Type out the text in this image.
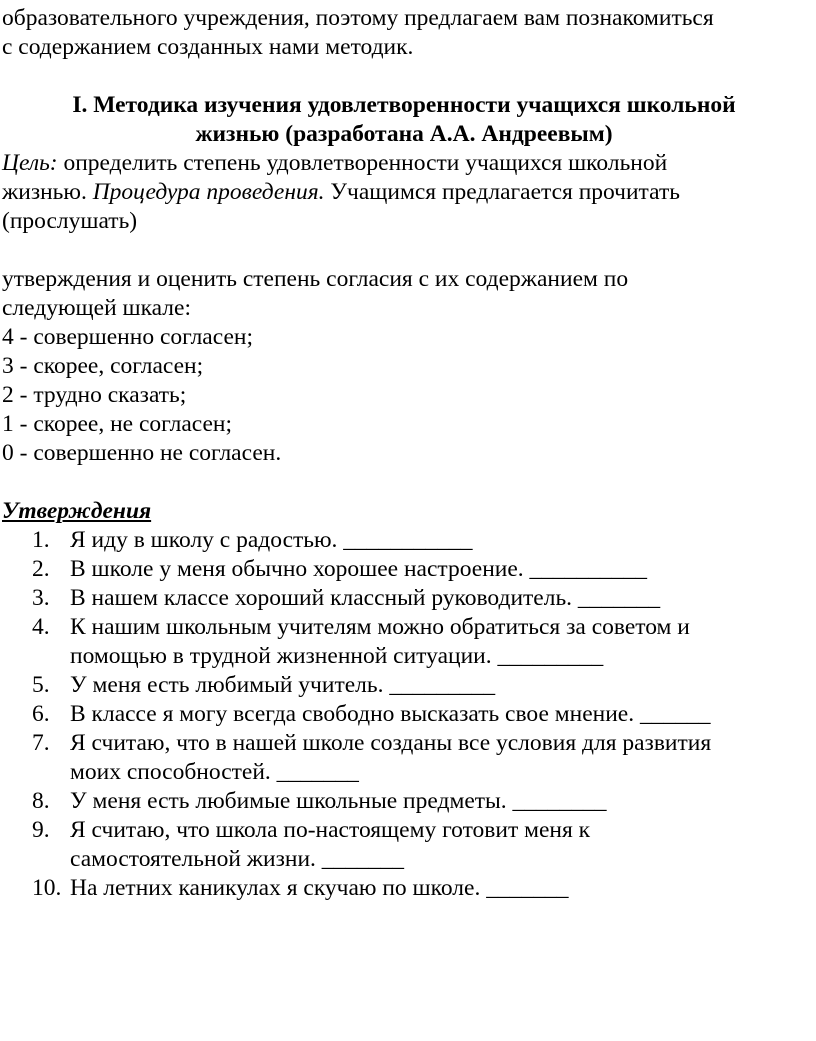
образовательного учреждения, поэтому предлагаем вам познакомиться
с содержанием созданных нами методик.

I. Методика изучения удовлетворенности учащихся школьной
жизнью (разработана А.А. Андреевым)

Цель: определить степень удовлетворенности учащихся школьной
жизнью. Процедура проведения. Учащимся предлагается прочитать
(прослушать)

утверждения и оценить степень согласия с их содержанием по
следующей шкале:

4 - совершенно согласен;
3 - скорее, согласен;
2 - трудно сказать;
1 - скорее, не согласен;
0 - совершенно не согласен.

Утверждения

1. Я иду в школу с радостью. ___________
2. В школе у меня обычно хорошее настроение. __________
3. В нашем классе хороший классный руководитель. _______
4. К нашим школьным учителям можно обратиться за советом и
помощью в трудной жизненной ситуации. _________
5. У меня есть любимый учитель. _________
6. В классе я могу всегда свободно высказать свое мнение. ______
7. Я считаю, что в нашей школе созданы все условия для развития
моих способностей. _______
8. У меня есть любимые школьные предметы. ________
9. Я считаю, что школа по-настоящему готовит меня к
самостоятельной жизни. _______
10. На летних каникулах я скучаю по школе. _______
